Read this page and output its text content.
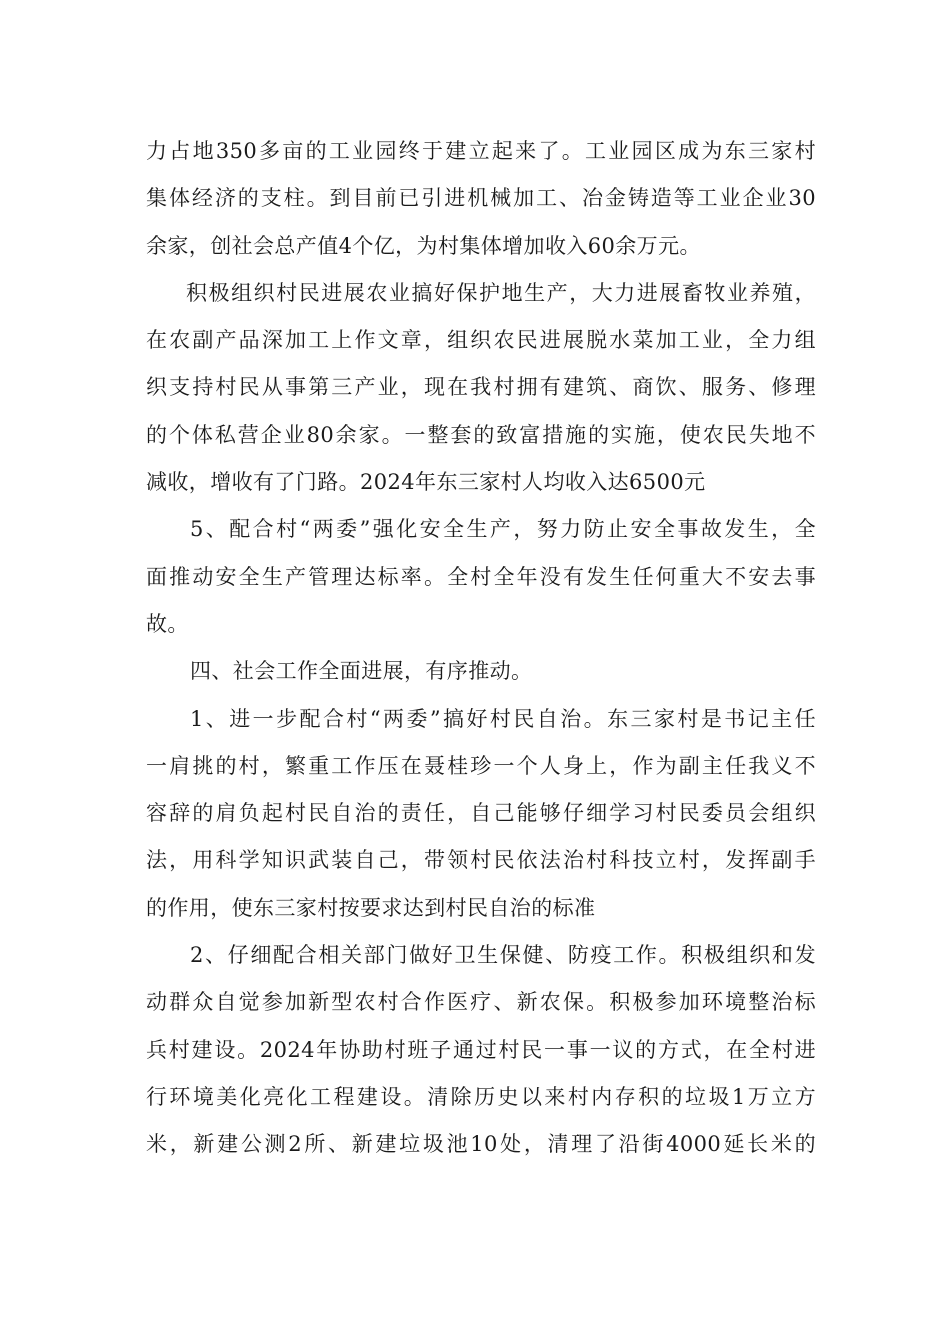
力占地350多亩的工业园终于建立起来了。工业园区成为东三家村
集体经济的支柱。到目前已引进机械加工、冶金铸造等工业企业30
余家，创社会总产值4个亿，为村集体增加收入60余万元。
积极组织村民进展农业搞好保护地生产，大力进展畜牧业养殖，
在农副产品深加工上作文章，组织农民进展脱水菜加工业，全力组
织支持村民从事第三产业，现在我村拥有建筑、商饮、服务、修理
的个体私营企业80余家。一整套的致富措施的实施，使农民失地不
减收，增收有了门路。2024年东三家村人均收入达6500元
5、配合村“两委”强化安全生产，努力防止安全事故发生，全
面推动安全生产管理达标率。全村全年没有发生任何重大不安去事
故。
四、社会工作全面进展，有序推动。
1、进一步配合村“两委”搞好村民自治。东三家村是书记主任
一肩挑的村，繁重工作压在聂桂珍一个人身上，作为副主任我义不
容辞的肩负起村民自治的责任，自己能够仔细学习村民委员会组织
法，用科学知识武装自己，带领村民依法治村科技立村，发挥副手
的作用，使东三家村按要求达到村民自治的标准
2、仔细配合相关部门做好卫生保健、防疫工作。积极组织和发
动群众自觉参加新型农村合作医疗、新农保。积极参加环境整治标
兵村建设。2024年协助村班子通过村民一事一议的方式，在全村进
行环境美化亮化工程建设。清除历史以来村内存积的垃圾1万立方
米，新建公测2所、新建垃圾池10处，清理了沿街4000延长米的
